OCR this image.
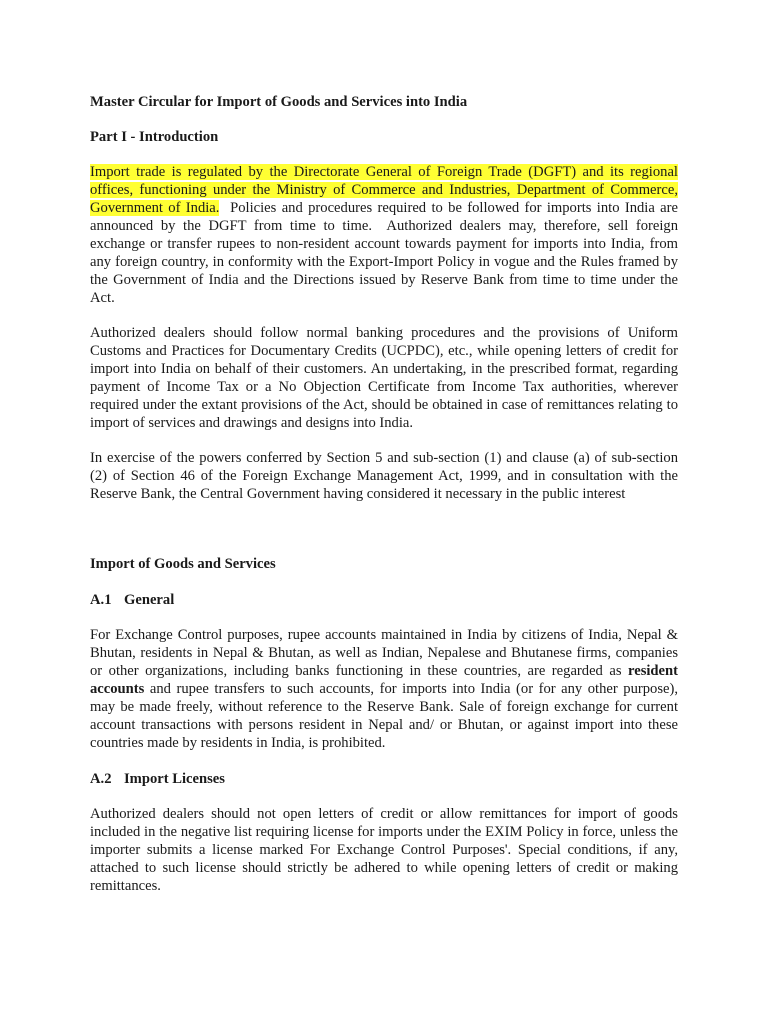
Master Circular for Import of Goods and Services into India

Part I - Introduction

Import trade is regulated by the Directorate General of Foreign Trade (DGFT) and its regional offices, functioning under the Ministry of Commerce and Industries, Department of Commerce, Government of India.  Policies and procedures required to be followed for imports into India are announced by the DGFT from time to time.  Authorized dealers may, therefore, sell foreign exchange or transfer rupees to non-resident account towards payment for imports into India, from any foreign country, in conformity with the Export-Import Policy in vogue and the Rules framed by the Government of India and the Directions issued by Reserve Bank from time to time under the Act.

Authorized dealers should follow normal banking procedures and the provisions of Uniform Customs and Practices for Documentary Credits (UCPDC), etc., while opening letters of credit for import into India on behalf of their customers. An undertaking, in the prescribed format, regarding payment of Income Tax or a No Objection Certificate from Income Tax authorities, wherever required under the extant provisions of the Act, should be obtained in case of remittances relating to import of services and drawings and designs into India.

In exercise of the powers conferred by Section 5 and sub-section (1) and clause (a) of sub-section (2) of Section 46 of the Foreign Exchange Management Act, 1999, and in consultation with the Reserve Bank, the Central Government having considered it necessary in the public interest

Import of Goods and Services

A.1 General

For Exchange Control purposes, rupee accounts maintained in India by citizens of India, Nepal & Bhutan, residents in Nepal & Bhutan, as well as Indian, Nepalese and Bhutanese firms, companies or other organizations, including banks functioning in these countries, are regarded as resident accounts and rupee transfers to such accounts, for imports into India (or for any other purpose), may be made freely, without reference to the Reserve Bank. Sale of foreign exchange for current account transactions with persons resident in Nepal and/ or Bhutan, or against import into these countries made by residents in India, is prohibited.

A.2 Import Licenses

Authorized dealers should not open letters of credit or allow remittances for import of goods included in the negative list requiring license for imports under the EXIM Policy in force, unless the importer submits a license marked For Exchange Control Purposes'. Special conditions, if any, attached to such license should strictly be adhered to while opening letters of credit or making remittances.
